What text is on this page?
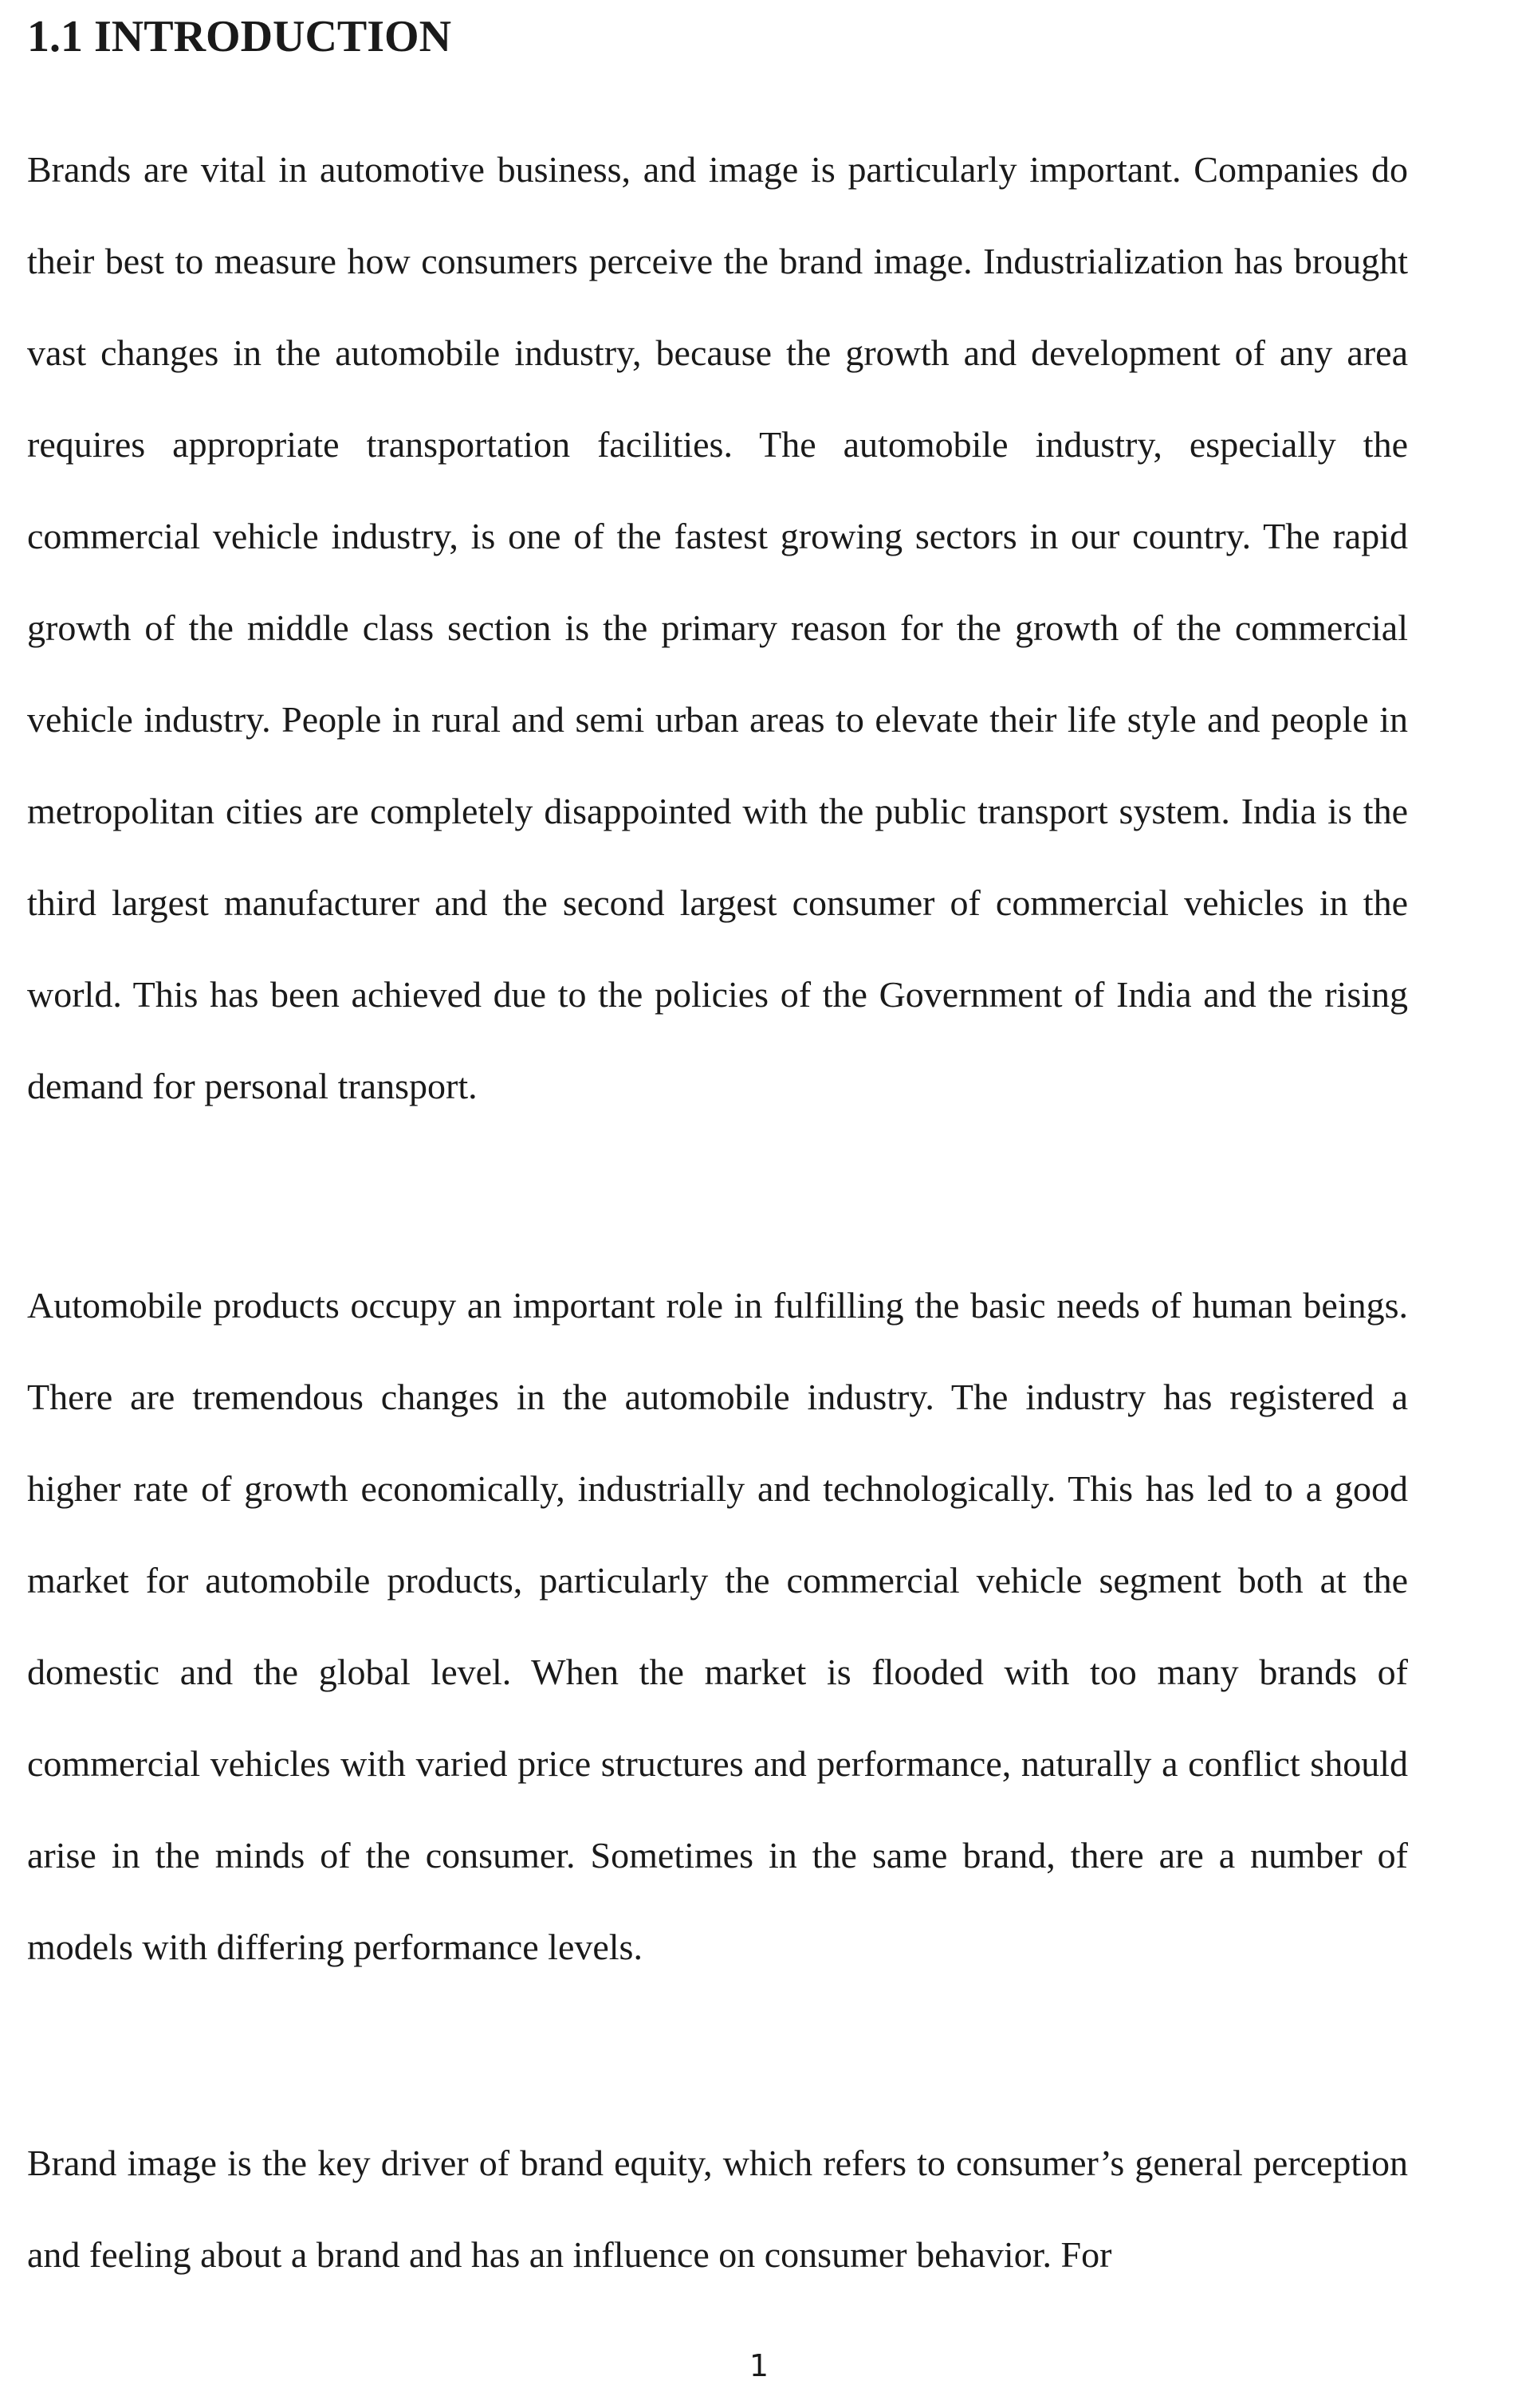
1.1 INTRODUCTION

Brands are vital in automotive business, and image is particularly important. Companies do their best to measure how consumers perceive the brand image. Industrialization has brought vast changes in the automobile industry, because the growth and development of any area requires appropriate transportation facilities. The automobile industry, especially the commercial vehicle industry, is one of the fastest growing sectors in our country. The rapid growth of the middle class section is the primary reason for the growth of the commercial vehicle industry. People in rural and semi urban areas to elevate their life style and people in metropolitan cities are completely disappointed with the public transport system. India is the third largest manufacturer and the second largest consumer of commercial vehicles in the world. This has been achieved due to the policies of the Government of India and the rising demand for personal transport.

Automobile products occupy an important role in fulfilling the basic needs of human beings. There are tremendous changes in the automobile industry. The industry has registered a higher rate of growth economically, industrially and technologically. This has led to a good market for automobile products, particularly the commercial vehicle segment both at the domestic and the global level. When the market is flooded with too many brands of commercial vehicles with varied price structures and performance, naturally a conflict should arise in the minds of the consumer. Sometimes in the same brand, there are a number of models with differing performance levels.

Brand image is the key driver of brand equity, which refers to consumer’s general perception and feeling about a brand and has an influence on consumer behavior. For

1
